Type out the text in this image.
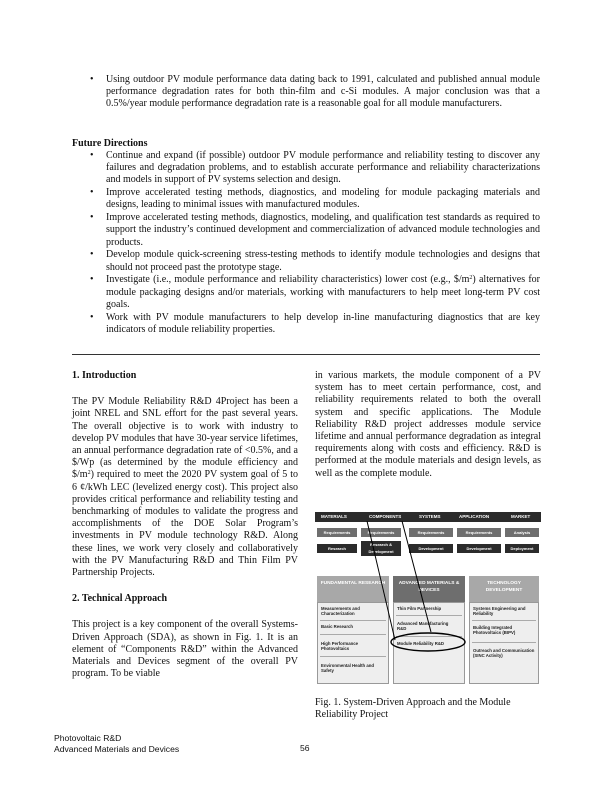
• Using outdoor PV module performance data dating back to 1991, calculated and published annual module performance degradation rates for both thin-film and c-Si modules. A major conclusion was that a 0.5%/year module performance degradation rate is a reasonable goal for all module manufacturers.
Future Directions
• Continue and expand (if possible) outdoor PV module performance and reliability testing to discover any failures and degradation problems, and to establish accurate performance and reliability characterizations and models in support of PV systems selection and design.
• Improve accelerated testing methods, diagnostics, and modeling for module packaging materials and designs, leading to minimal issues with manufactured modules.
• Improve accelerated testing methods, diagnostics, modeling, and qualification test standards as required to support the industry’s continued development and commercialization of advanced module technologies and products.
• Develop module quick-screening stress-testing methods to identify module technologies and designs that should not proceed past the prototype stage.
• Investigate (i.e., module performance and reliability characteristics) lower cost (e.g., $\$/m^2$) alternatives for module packaging designs and/or materials, working with manufacturers to help meet long-term PV cost goals.
• Work with PV module manufacturers to help develop in-line manufacturing diagnostics that are key indicators of module reliability properties.

1. Introduction

The PV Module Reliability R&D 4Project has been a joint NREL and SNL effort for the past several years. The overall objective is to work with industry to develop PV modules that have 30-year service lifetimes, an annual performance degradation rate of <0.5%, and a $/Wp (as determined by the module efficiency and $\$/m^2$) required to meet the 2020 PV system goal of 5 to 6 ¢/kWh LEC (levelized energy cost). This project also provides critical performance and reliability testing and benchmarking of modules to validate the progress and accomplishments of the DOE Solar Program’s investments in PV module technology R&D. Along these lines, we work very closely and collaboratively with the PV Manufacturing R&D and Thin Film PV Partnership Projects.

2. Technical Approach

This project is a key component of the overall Systems-Driven Approach (SDA), as shown in Fig. 1. It is an element of “Components R&D” within the Advanced Materials and Devices segment of the overall PV program. To be viable

in various markets, the module component of a PV system has to meet certain performance, cost, and reliability requirements related to both the overall system and specific applications. The Module Reliability R&D project addresses module service lifetime and annual performance degradation as integral requirements along with costs and efficiency. R&D is performed at the module materials and design levels, as well as the complete module.

MATERIALS	COMPONENTS	SYSTEMS	APPLICATION	MARKET
Requirements	Requirements	Requirements	Requirements	Analysis
Research
Research & Development
Development	Development	Deployment
FUNDAMENTAL RESEARCH	ADVANCED MATERIALS & DEVICES
TECHNOLOGY DEVELOPMENT
Measurements and Characterization
Basic Research
High Performance Photovoltaics
Environmental Health and Safety
Thin Film Partnership
Advanced Manufacturing R&D
Module Reliability R&D
Systems Engineering and Reliability
Building Integrated Photovoltaics (BIPV)
Outreach and Communication (SINC Activity)
Fig. 1. System-Driven Approach and the Module Reliability Project
Photovoltaic R&D
Advanced Materials and Devices	56
